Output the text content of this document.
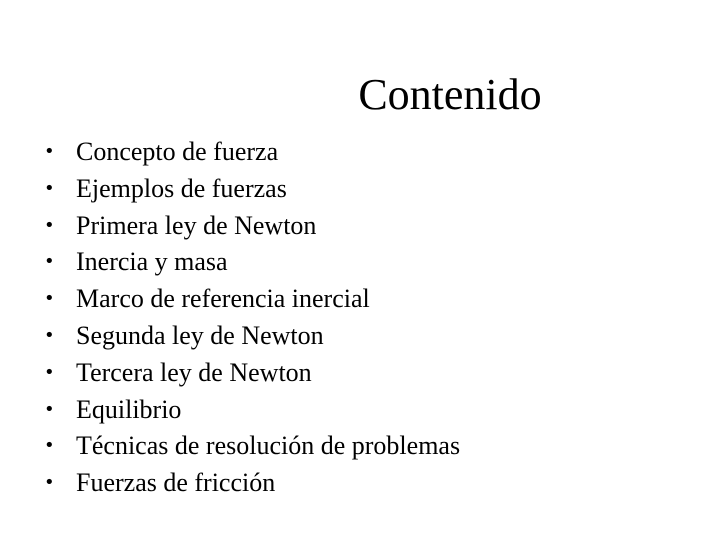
Contenido
• Concepto de fuerza
• Ejemplos de fuerzas
• Primera ley de Newton
• Inercia y masa
• Marco de referencia inercial
• Segunda ley de Newton
• Tercera ley de Newton
• Equilibrio
• Técnicas de resolución de problemas
• Fuerzas de fricción
